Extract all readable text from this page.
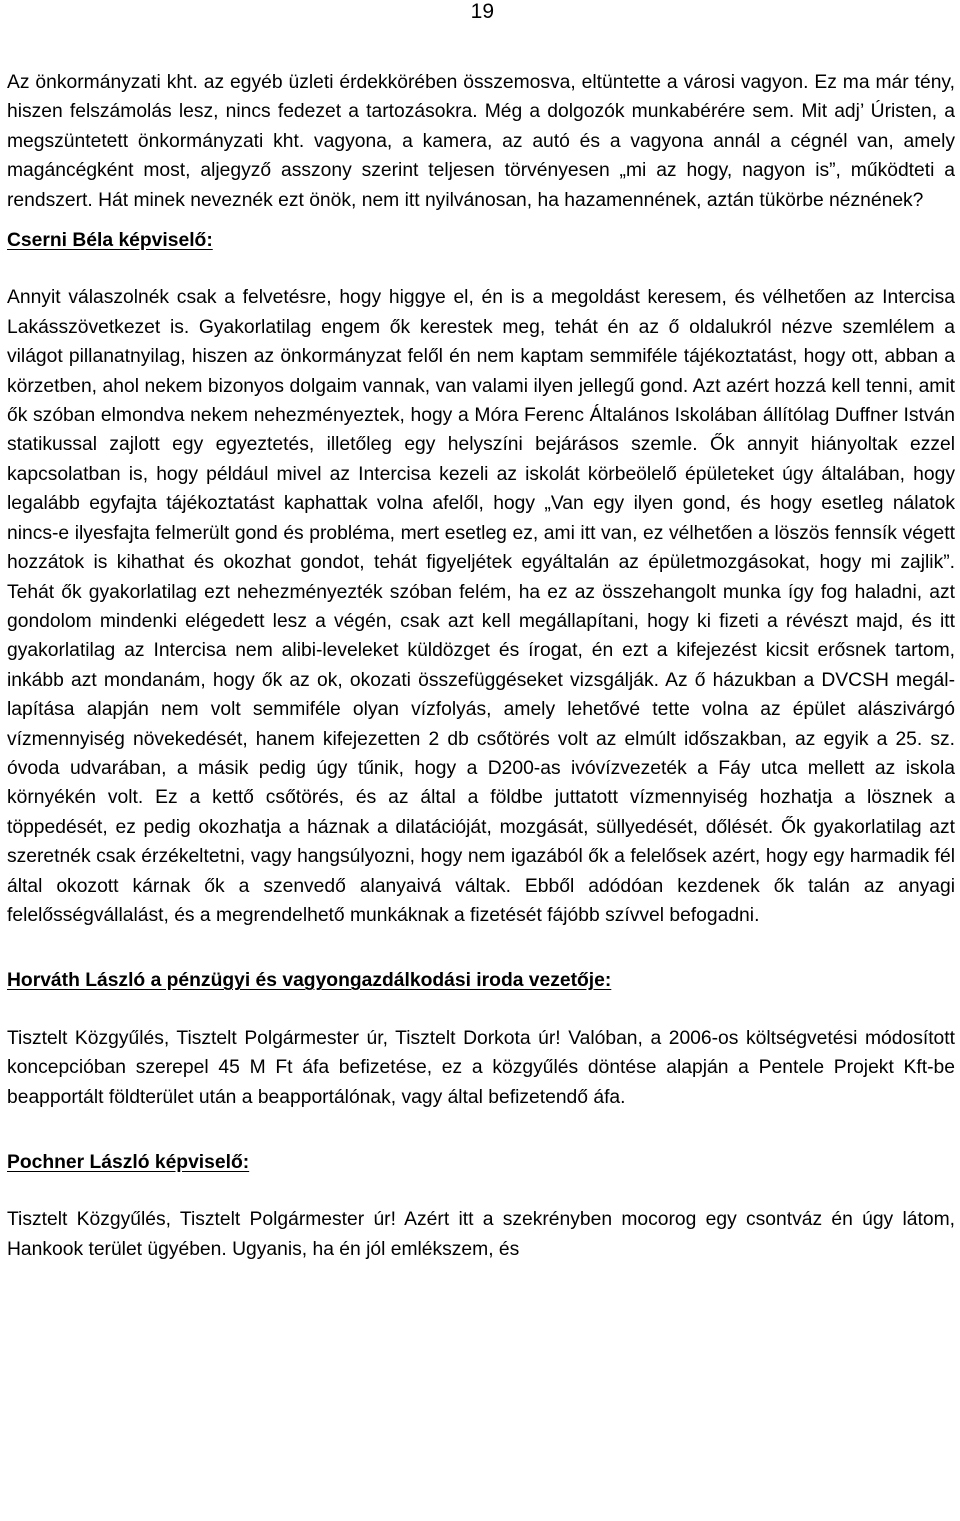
19

Az önkormányzati kht. az egyéb üzleti érdekkörében összemosva, eltüntette a városi vagyon. Ez ma már tény, hiszen felszámolás lesz, nincs fedezet a tartozásokra. Még a dolgozók munkabérére sem. Mit adj’ Úristen, a megszüntetett önkormányzati kht. vagyona, a kamera, az autó és a vagyona annál a cégnél van, amely magáncégként most, aljegyző asszony szerint teljesen törvényesen „mi az hogy, nagyon is”, működteti a rendszert. Hát minek neveznék ezt önök, nem itt nyilvánosan, ha hazamennének, aztán tükörbe néznének?

Cserni Béla képviselő:

Annyit válaszolnék csak a felvetésre, hogy higgye el, én is a megoldást keresem, és vélhetően az Intercisa Lakásszövetkezet is. Gyakorlatilag engem ők kerestek meg, tehát én az ő oldalukról nézve szemlélem a világot pillanatnyilag, hiszen az önkormányzat felől én nem kaptam semmiféle tájékoztatást, hogy ott, abban a körzetben, ahol nekem bizonyos dolgaim vannak, van valami ilyen jellegű gond. Azt azért hozzá kell tenni, amit ők szóban elmondva nekem nehezményeztek, hogy a Móra Ferenc Általános Iskolában állítólag Duffner István statikussal zajlott egy egyeztetés, illetőleg egy helyszíni bejárásos szemle. Ők annyit hiányoltak ezzel kapcsolatban is, hogy például mivel az Intercisa kezeli az iskolát körbeölelő épületeket úgy általában, hogy legalább egyfajta tájékoztatást kaphattak volna afelől, hogy „Van egy ilyen gond, és hogy esetleg nálatok nincs-e ilyesfajta felmerült gond és probléma, mert esetleg ez, ami itt van, ez vélhetően a löszös fennsík végett hozzátok is kihathat és okozhat gondot, tehát figyeljétek egyáltalán az épületmozgásokat, hogy mi zajlik”. Tehát ők gyakorlatilag ezt nehezményezték szóban felém, ha ez az összehangolt munka így fog haladni, azt gondolom mindenki elégedett lesz a végén, csak azt kell megállapítani, hogy ki fizeti a révészt majd, és itt gyakorlatilag az Intercisa nem alibi-leveleket küldözget és írogat, én ezt a kifejezést kicsit erősnek tartom, inkább azt mondanám, hogy ők az ok, okozati összefüggéseket vizsgálják. Az ő házukban a DVCSH megállapítása alapján nem volt semmiféle olyan vízfolyás, amely lehetővé tette volna az épület alászivárgó vízmennyiség növekedését, hanem kifejezetten 2 db csőtörés volt az elmúlt időszakban, az egyik a 25. sz. óvoda udvarában, a másik pedig úgy tűnik, hogy a D200-as ivóvízvezeték a Fáy utca mellett az iskola környékén volt. Ez a kettő csőtörés, és az által a földbe juttatott vízmennyiség hozhatja a lösznek a töppedését, ez pedig okozhatja a háznak a dilatációját, mozgását, süllyedését, dőlését. Ők gyakorlatilag azt szeretnék csak érzékeltetni, vagy hangsúlyozni, hogy nem igazából ők a felelősek azért, hogy egy harmadik fél által okozott kárnak ők a szenvedő alanyaivá váltak. Ebből adódóan kezdenek ők talán az anyagi felelősségvállalást, és a megrendelhető munkáknak a fizetését fájóbb szívvel befogadni.

Horváth László a pénzügyi és vagyongazdálkodási iroda vezetője:

Tisztelt Közgyűlés, Tisztelt Polgármester úr, Tisztelt Dorkota úr! Valóban, a 2006-os költségvetési módosított koncepcióban szerepel 45 M Ft áfa befizetése, ez a közgyűlés döntése alapján a Pentele Projekt Kft-be beapportált földterület után a beapportálónak, vagy által befizetendő áfa.

Pochner László képviselő:

Tisztelt Közgyűlés, Tisztelt Polgármester úr! Azért itt a szekrényben mocorog egy csontváz én úgy látom, Hankook terület ügyében. Ugyanis, ha én jól emlékszem, és
